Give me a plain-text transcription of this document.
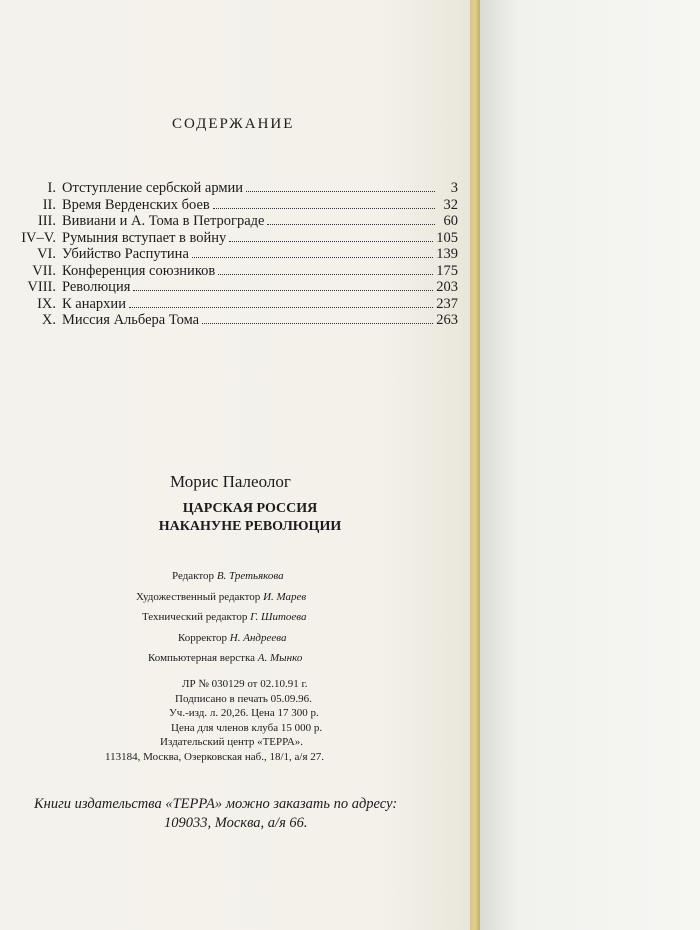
СОДЕРЖАНИЕ
I. Отступление сербской армии	3
II. Время Верденских боев	32
III. Вивиани и А. Тома в Петрограде	60
IV–V. Румыния вступает в войну	105
VI. Убийство Распутина	139
VII. Конференция союзников	175
VIII. Революция	203
IX. К анархии	237
X. Миссия Альбера Тома	263
Морис Палеолог
ЦАРСКАЯ РОССИЯ
НАКАНУНЕ РЕВОЛЮЦИИ
Редактор В. Третьякова
Художественный редактор И. Марев
Технический редактор Г. Шитоева
Корректор Н. Андреева
Компьютерная верстка А. Мынко
ЛР № 030129 от 02.10.91 г.
Подписано в печать 05.09.96.
Уч.-изд. л. 20,26. Цена 17 300 р.
Цена для членов клуба 15 000 р.
Издательский центр «ТЕРРА».
113184, Москва, Озерковская наб., 18/1, а/я 27.
Книги издательства «ТЕРРА» можно заказать по адресу:
109033, Москва, а/я 66.
